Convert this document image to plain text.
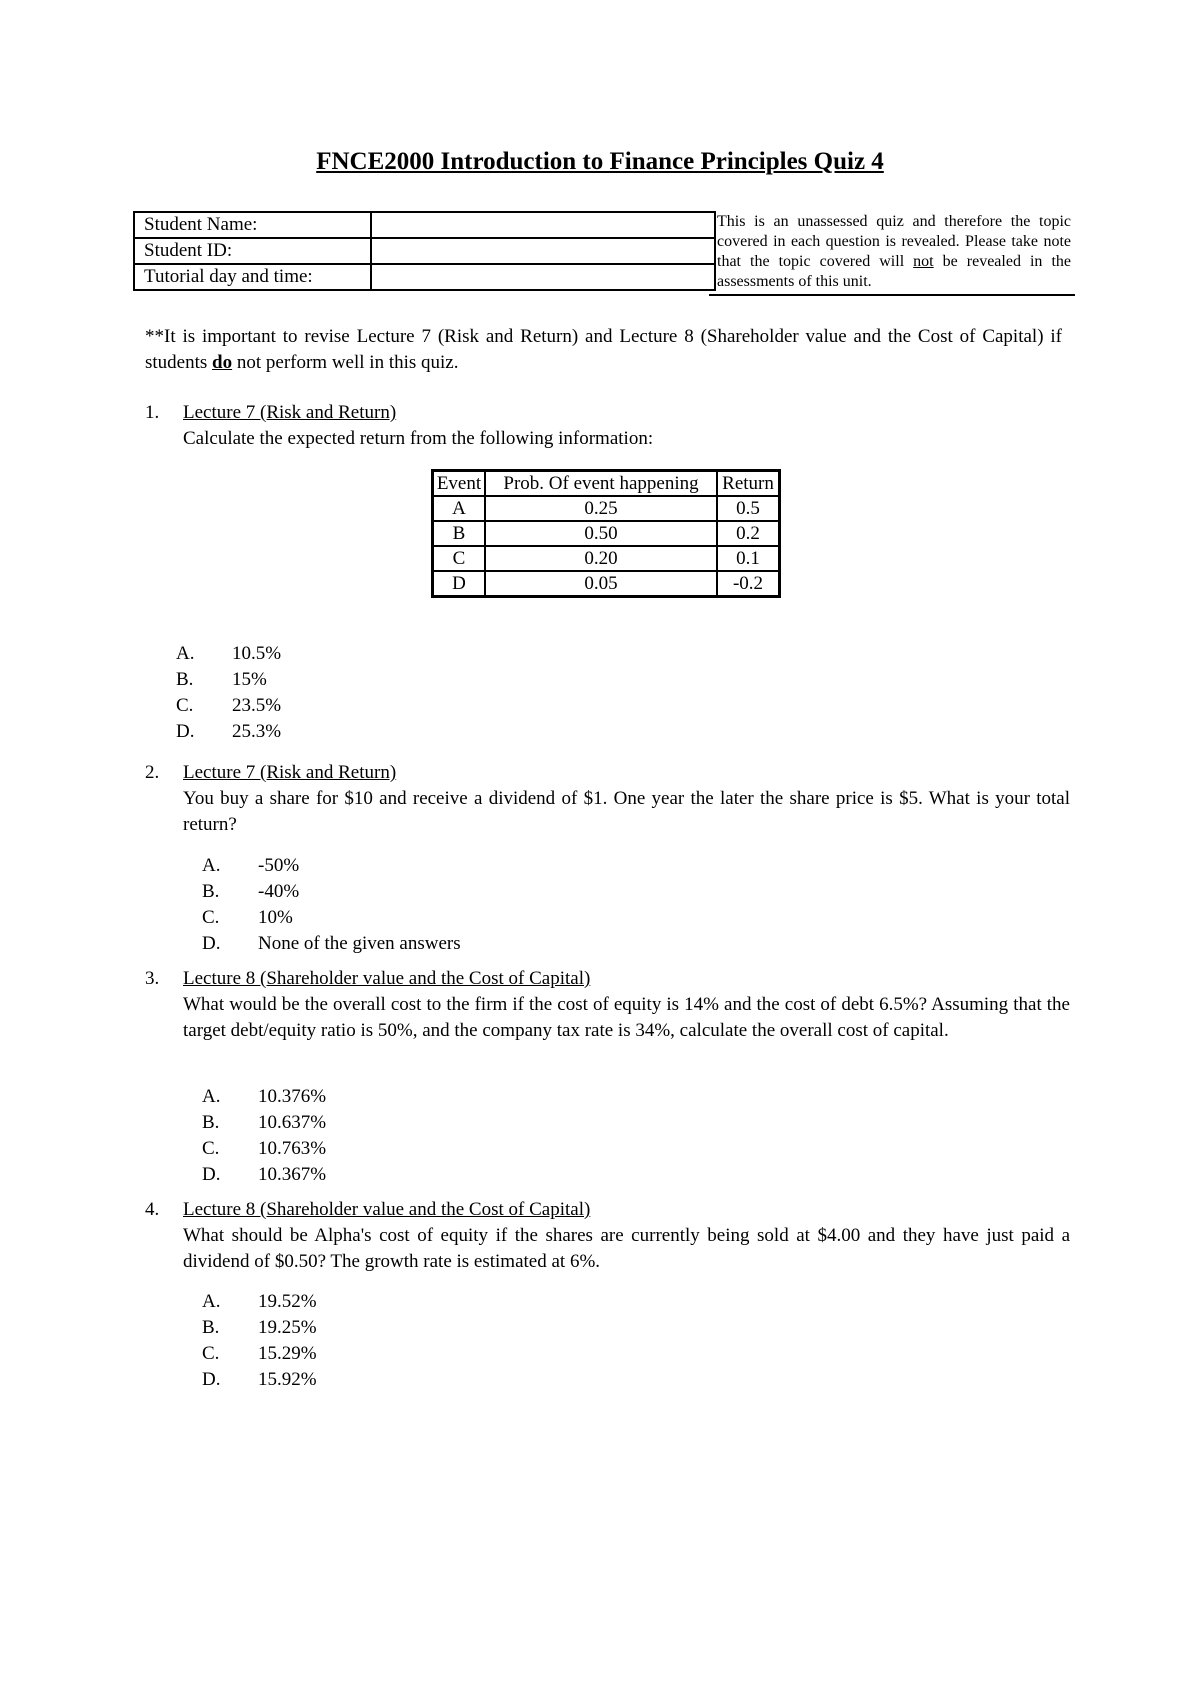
FNCE2000 Introduction to Finance Principles Quiz 4
Student Name:	
Student ID:	
Tutorial day and time:	
This is an unassessed quiz and therefore the topic covered in each question is revealed. Please take note that the topic covered will not be revealed in the assessments of this unit.
**It is important to revise Lecture 7 (Risk and Return) and Lecture 8 (Shareholder value and the Cost of Capital) if students do not perform well in this quiz.
1. Lecture 7 (Risk and Return)
Calculate the expected return from the following information:
Event	Prob. Of event happening	Return
A	0.25	0.5
B	0.50	0.2
C	0.20	0.1
D	0.05	-0.2
A.	10.5%
B.	15%
C.	23.5%
D.	25.3%
2. Lecture 7 (Risk and Return)
You buy a share for $10 and receive a dividend of $1. One year the later the share price is $5. What is your total return?
A.	-50%
B.	-40%
C.	10%
D.	None of the given answers
3. Lecture 8 (Shareholder value and the Cost of Capital)
What would be the overall cost to the firm if the cost of equity is 14% and the cost of debt 6.5%? Assuming that the target debt/equity ratio is 50%, and the company tax rate is 34%, calculate the overall cost of capital.
A.	10.376%
B.	10.637%
C.	10.763%
D.	10.367%
4. Lecture 8 (Shareholder value and the Cost of Capital)
What should be Alpha's cost of equity if the shares are currently being sold at $4.00 and they have just paid a dividend of $0.50? The growth rate is estimated at 6%.
A.	19.52%
B.	19.25%
C.	15.29%
D.	15.92%
